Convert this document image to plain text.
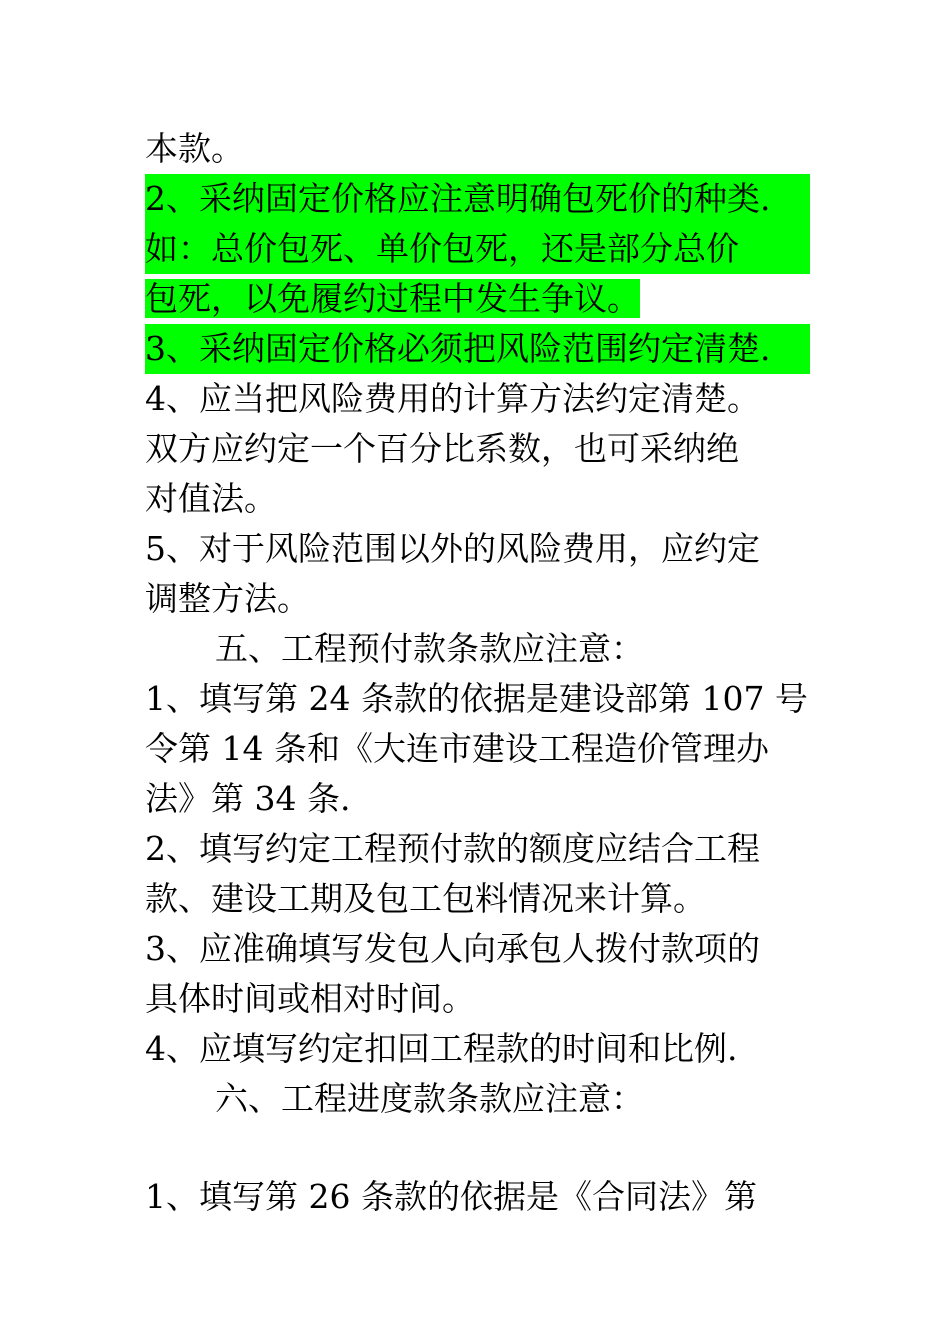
本款。
2、采纳固定价格应注意明确包死价的种类.
如：总价包死、单价包死，还是部分总价
包死，以免履约过程中发生争议。
3、采纳固定价格必须把风险范围约定清楚.
4、应当把风险费用的计算方法约定清楚。
双方应约定一个百分比系数，也可采纳绝
对值法。
5、对于风险范围以外的风险费用，应约定
调整方法。
五、工程预付款条款应注意：
1、填写第 24 条款的依据是建设部第 107 号
令第 14 条和《大连市建设工程造价管理办
法》第 34 条.
2、填写约定工程预付款的额度应结合工程
款、建设工期及包工包料情况来计算。
3、应准确填写发包人向承包人拨付款项的
具体时间或相对时间。
4、应填写约定扣回工程款的时间和比例.
六、工程进度款条款应注意：
1、填写第 26 条款的依据是《合同法》第
